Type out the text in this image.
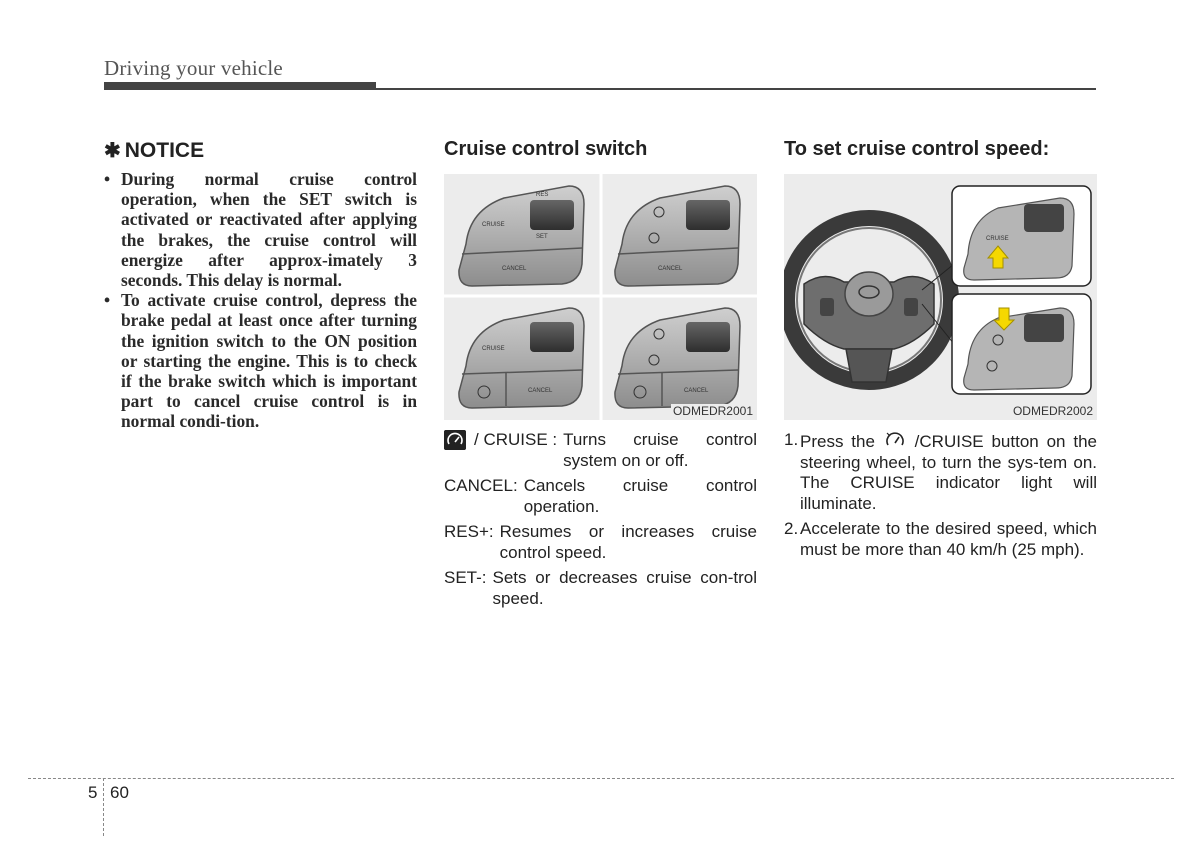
Driving your vehicle
✱ NOTICE
• During normal cruise control operation, when the SET switch is activated or reactivated after applying the brakes, the cruise control will energize after approx-imately 3 seconds. This delay is normal.
• To activate cruise control, depress the brake pedal at least once after turning the ignition switch to the ON position or starting the engine. This is to check if the brake switch which is important part to cancel cruise control is in normal condi-tion.
Cruise control switch
RES
SET
CRUISE
CANCEL	CANCEL
CRUISE
CANCEL	CANCEL
ODMEDR2001
/ CRUISE : Turns cruise control system on or off.
CANCEL: Cancels cruise control operation.
RES+: Resumes or increases cruise control speed.
SET-: Sets or decreases cruise con-trol speed.
To set cruise control speed:
CRUISE
ODMEDR2002
1. Press the /CRUISE button on the steering wheel, to turn the sys-tem on. The CRUISE indicator light will illuminate.
2. Accelerate to the desired speed, which must be more than 40 km/h (25 mph).
5 60
